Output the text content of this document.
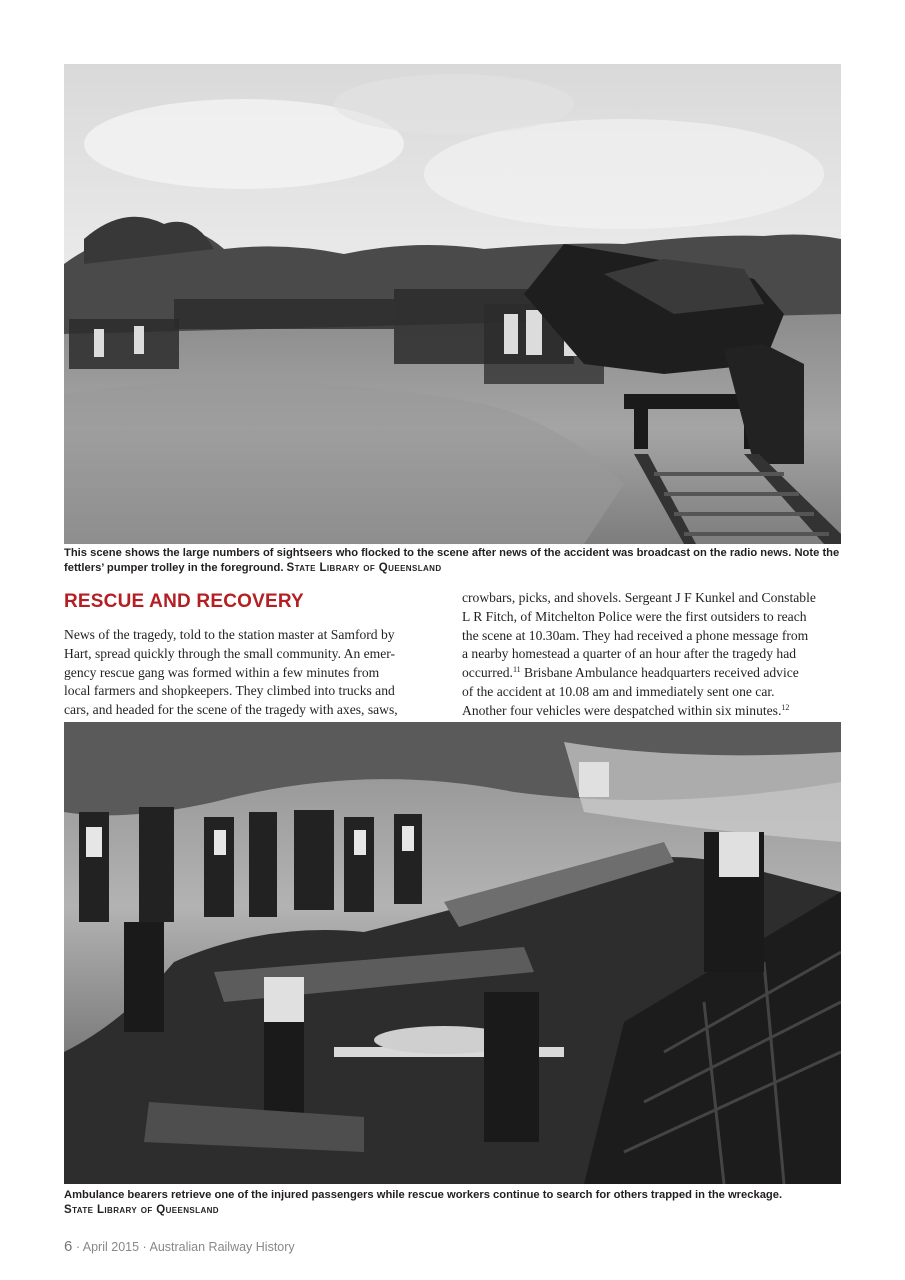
This scene shows the large numbers of sightseers who flocked to the scene after news of the accident was broadcast on the radio news. Note the fettlers’ pumper trolley in the foreground. State Library of Queensland
RESCUE AND RECOVERY
News of the tragedy, told to the station master at Samford by
Hart, spread quickly through the small community. An emer-
gency rescue gang was formed within a few minutes from
local farmers and shopkeepers. They climbed into trucks and
cars, and headed for the scene of the tragedy with axes, saws,
crowbars, picks, and shovels. Sergeant J F Kunkel and Constable
L R Fitch, of Mitchelton Police were the first outsiders to reach
the scene at 10.30am. They had received a phone message from
a nearby homestead a quarter of an hour after the tragedy had
occurred.$^{11}$ Brisbane Ambulance headquarters received advice
of the accident at 10.08 am and immediately sent one car.
Another four vehicles were despatched within six minutes.$^{12}$
Ambulance bearers retrieve one of the injured passengers while rescue workers continue to search for others trapped in the wreckage.
State Library of Queensland
6 · April 2015 · Australian Railway History
